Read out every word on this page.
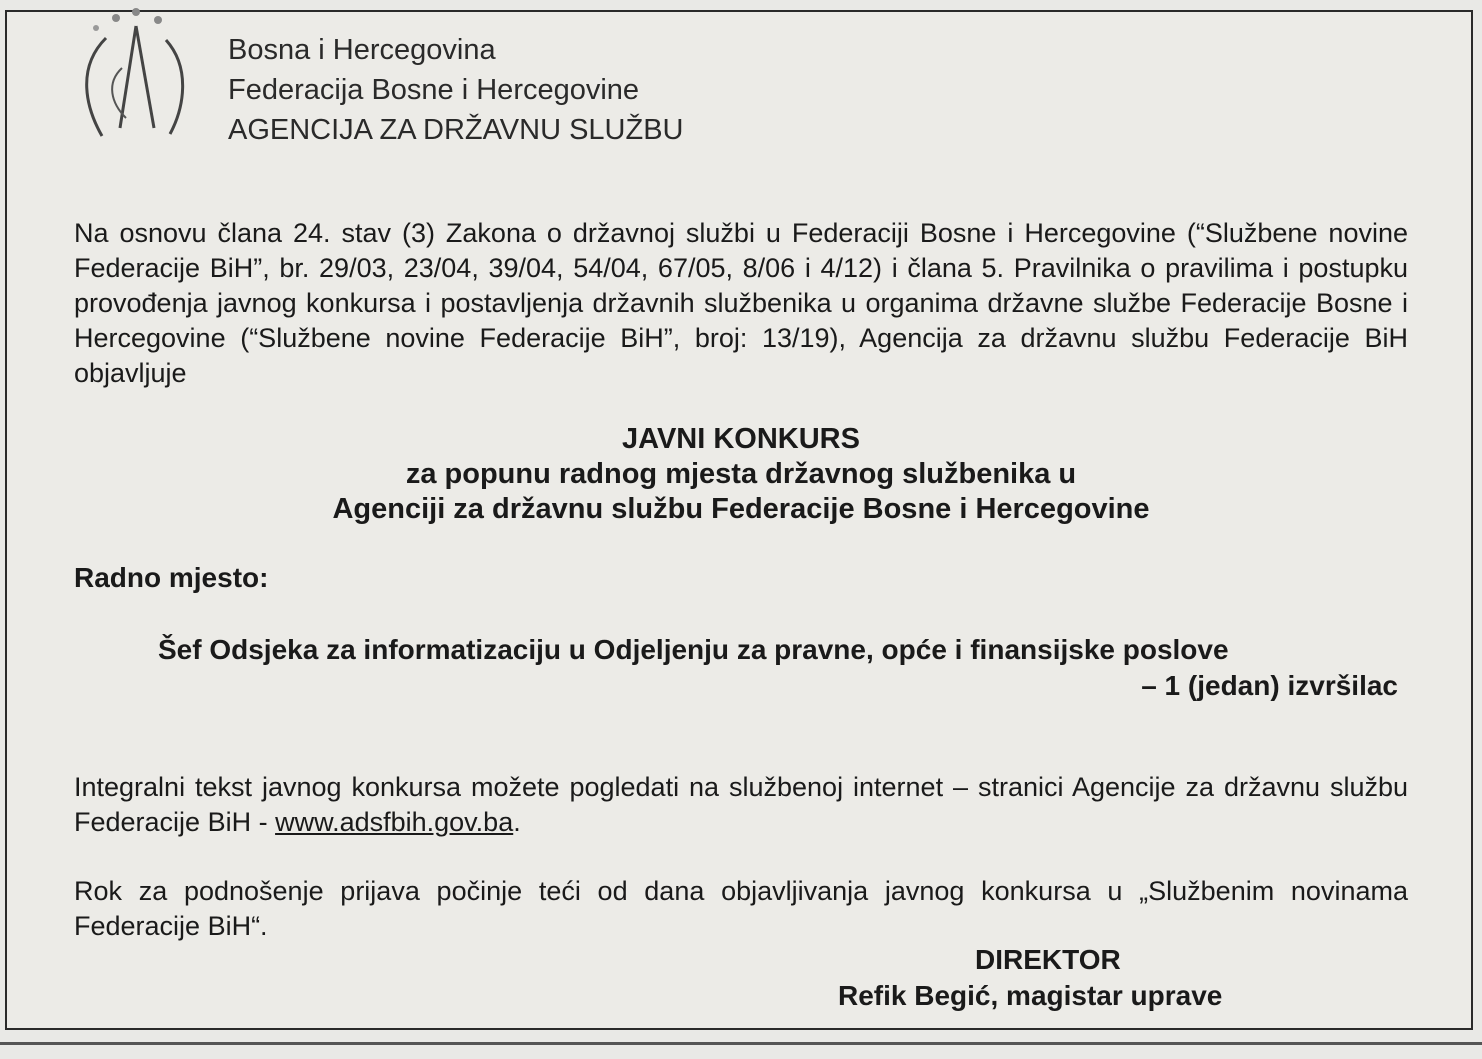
Bosna i Hercegovina
Federacija Bosne i Hercegovine
AGENCIJA ZA DRŽAVNU SLUŽBU
Na osnovu člana 24. stav (3) Zakona o državnoj službi u Federaciji Bosne i Hercegovine (“Službene novine Federacije BiH”, br. 29/03, 23/04, 39/04, 54/04, 67/05, 8/06 i 4/12) i člana 5. Pravilnika o pravilima i postupku provođenja javnog konkursa i postavljenja državnih službenika u organima državne službe Federacije Bosne i Hercegovine (“Službene novine Federacije BiH”, broj: 13/19), Agencija za državnu službu Federacije BiH objavljuje
JAVNI KONKURS
za popunu radnog mjesta državnog službenika u
Agenciji za državnu službu Federacije Bosne i Hercegovine
Radno mjesto:
Šef Odsjeka za informatizaciju u Odjeljenju za pravne, opće i finansijske poslove
– 1 (jedan) izvršilac
Integralni tekst javnog konkursa možete pogledati na službenoj internet – stranici Agencije za državnu službu Federacije BiH - www.adsfbih.gov.ba.
Rok za podnošenje prijava počinje teći od dana objavljivanja javnog konkursa u „Službenim novinama Federacije BiH“.
DIREKTOR
Refik Begić, magistar uprave
